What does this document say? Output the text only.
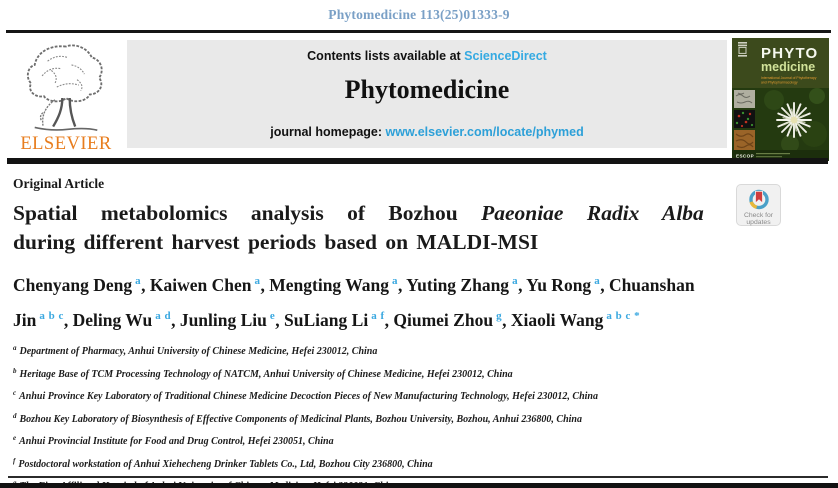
Phytomedicine 113(25)01333-9
ELSEVIER
Contents lists available at ScienceDirect
Phytomedicine
journal homepage: www.elsevier.com/locate/phymed
PHYTO
medicine
International Journal of Phytotherapy
and Phytopharmacology
ESCOP
Original Article
Spatial metabolomics analysis of Bozhou Paeoniae Radix Alba
during different harvest periods based on MALDI-MSI
Check for
updates

Chenyang Deng $^a$, Kaiwen Chen $^a$, Mengting Wang $^a$, Yuting Zhang $^a$, Yu Rong $^a$, Chuanshan Jin $^{a b c}$, Deling Wu $^{a d}$, Junling Liu $^e$, SuLiang Li $^{a f}$, Qiumei Zhou $^g$, Xiaoli Wang $^{a b c *}$

$^a$ Department of Pharmacy, Anhui University of Chinese Medicine, Hefei 230012, China
$^b$ Heritage Base of TCM Processing Technology of NATCM, Anhui University of Chinese Medicine, Hefei 230012, China
$^c$ Anhui Province Key Laboratory of Traditional Chinese Medicine Decoction Pieces of New Manufacturing Technology, Hefei 230012, China
$^d$ Bozhou Key Laboratory of Biosynthesis of Effective Components of Medicinal Plants, Bozhou University, Bozhou, Anhui 236800, China
$^e$ Anhui Provincial Institute for Food and Drug Control, Hefei 230051, China
$^f$ Postdoctoral workstation of Anhui Xiehecheng Drinker Tablets Co., Ltd, Bozhou City 236800, China
